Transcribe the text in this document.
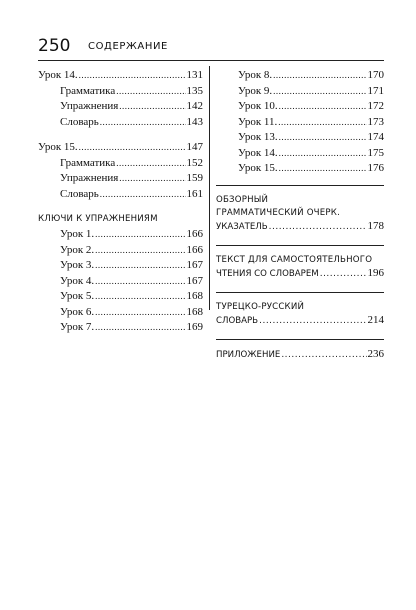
250 СОДЕРЖАНИЕ
Урок 14. .....	131
Грамматика .....	135
Упражнения .....	142
Словарь .....	143
Урок 15. .....	147
Грамматика .....	152
Упражнения .....	159
Словарь .....	161
КЛЮЧИ К УПРАЖНЕНИЯМ
Урок 1. .....	166
Урок 2. .....	166
Урок 3. .....	167
Урок 4. .....	167
Урок 5. .....	168
Урок 6. .....	168
Урок 7. .....	169
Урок 8. .....	170
Урок 9. .....	171
Урок 10. .....	172
Урок 11. .....	173
Урок 13. .....	174
Урок 14. .....	175
Урок 15. .....	176
ОБЗОРНЫЙ
ГРАММАТИЧЕСКИЙ ОЧЕРК.
УКАЗАТЕЛЬ .....	178
ТЕКСТ ДЛЯ САМОСТОЯТЕЛЬНОГО
ЧТЕНИЯ СО СЛОВАРЕМ .....	196
ТУРЕЦКО-РУССКИЙ
СЛОВАРЬ .....	214
ПРИЛОЖЕНИЕ .....	236
